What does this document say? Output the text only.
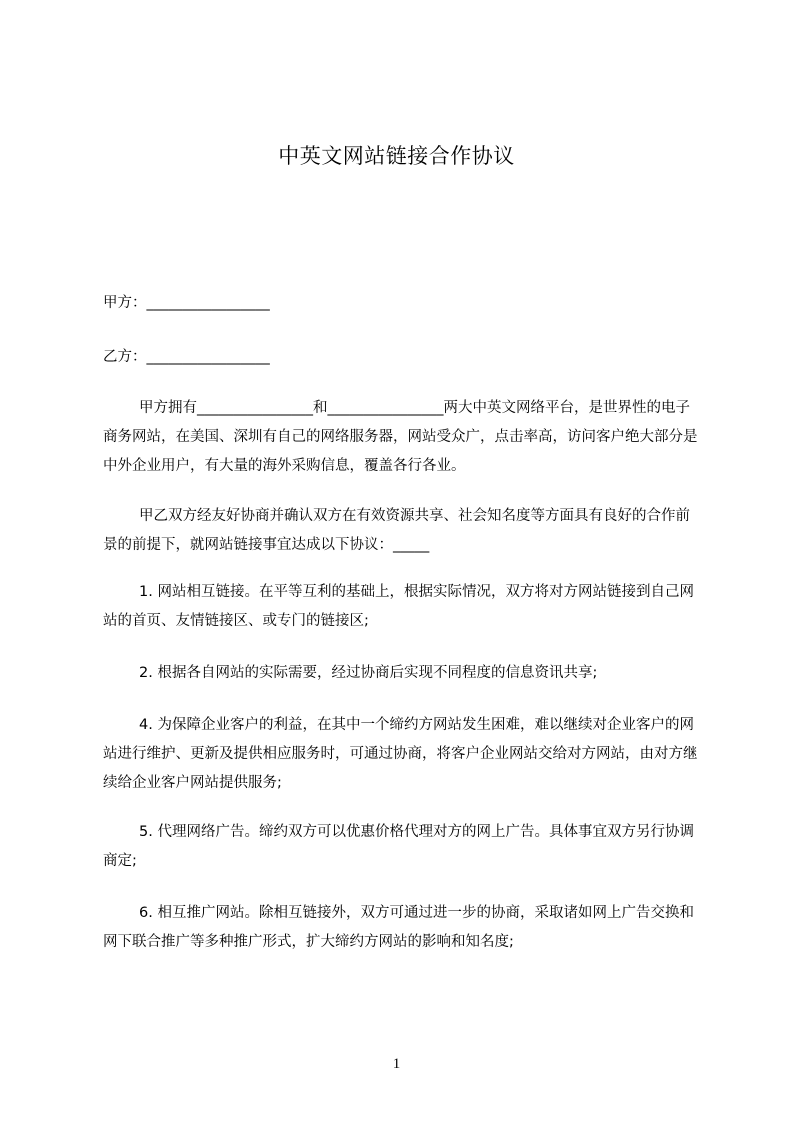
中英文网站链接合作协议
甲方：_________________
乙方：_________________

甲方拥有________________和________________两大中英文网络平台，是世界性的电子商务网站，在美国、深圳有自己的网络服务器，网站受众广，点击率高，访问客户绝大部分是中外企业用户，有大量的海外采购信息，覆盖各行各业。

甲乙双方经友好协商并确认双方在有效资源共享、社会知名度等方面具有良好的合作前景的前提下，就网站链接事宜达成以下协议：_____

1. 网站相互链接。在平等互利的基础上，根据实际情况，双方将对方网站链接到自己网站的首页、友情链接区、或专门的链接区;

2. 根据各自网站的实际需要，经过协商后实现不同程度的信息资讯共享;

4. 为保障企业客户的利益，在其中一个缔约方网站发生困难，难以继续对企业客户的网站进行维护、更新及提供相应服务时，可通过协商，将客户企业网站交给对方网站，由对方继续给企业客户网站提供服务;

5. 代理网络广告。缔约双方可以优惠价格代理对方的网上广告。具体事宜双方另行协调商定;

6. 相互推广网站。除相互链接外，双方可通过进一步的协商，采取诸如网上广告交换和网下联合推广等多种推广形式，扩大缔约方网站的影响和知名度;

1
